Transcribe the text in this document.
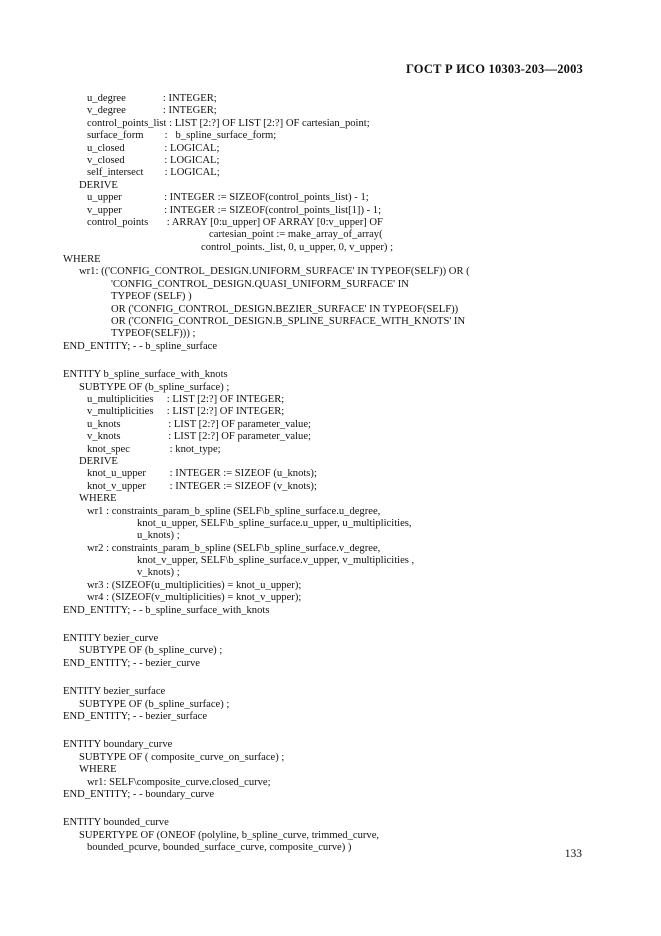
ГОСТ Р ИСО 10303-203—2003
u_degree              : INTEGER;
v_degree              : INTEGER;
control_points_list : LIST [2:?] OF LIST [2:?] OF cartesian_point;
surface_form        :   b_spline_surface_form;
u_closed               : LOGICAL;
v_closed               : LOGICAL;
self_intersect        : LOGICAL;
DERIVE
u_upper                : INTEGER := SIZEOF(control_points_list) - 1;
v_upper                : INTEGER := SIZEOF(control_points_list[1]) - 1;
control_points       : ARRAY [0:u_upper] OF ARRAY [0:v_upper] OF
cartesian_point := make_array_of_array(
control_points._list, 0, u_upper, 0, v_upper) ;
WHERE
wr1: (('CONFIG_CONTROL_DESIGN.UNIFORM_SURFACE' IN TYPEOF(SELF)) OR (
'CONFIG_CONTROL_DESIGN.QUASI_UNIFORM_SURFACE' IN
TYPEOF (SELF) )
OR ('CONFIG_CONTROL_DESIGN.BEZIER_SURFACE' IN TYPEOF(SELF))
OR ('CONFIG_CONTROL_DESIGN.B_SPLINE_SURFACE_WITH_KNOTS' IN
TYPEOF(SELF))) ;
END_ENTITY; - - b_spline_surface
ENTITY b_spline_surface_with_knots
SUBTYPE OF (b_spline_surface) ;
u_multiplicities     : LIST [2:?] OF INTEGER;
v_multiplicities     : LIST [2:?] OF INTEGER;
u_knots                  : LIST [2:?] OF parameter_value;
v_knots                  : LIST [2:?] OF parameter_value;
knot_spec               : knot_type;
DERIVE
knot_u_upper         : INTEGER := SIZEOF (u_knots);
knot_v_upper         : INTEGER := SIZEOF (v_knots);
WHERE
wr1 : constraints_param_b_spline (SELF\b_spline_surface.u_degree,
knot_u_upper, SELF\b_spline_surface.u_upper, u_multiplicities,
u_knots) ;
wr2 : constraints_param_b_spline (SELF\b_spline_surface.v_degree,
knot_v_upper, SELF\b_spline_surface.v_upper, v_multiplicities ,
v_knots) ;
wr3 : (SIZEOF(u_multiplicities) = knot_u_upper);
wr4 : (SIZEOF(v_multiplicities) = knot_v_upper);
END_ENTITY; - - b_spline_surface_with_knots
ENTITY bezier_curve
SUBTYPE OF (b_spline_curve) ;
END_ENTITY; - - bezier_curve
ENTITY bezier_surface
SUBTYPE OF (b_spline_surface) ;
END_ENTITY; - - bezier_surface
ENTITY boundary_curve
SUBTYPE OF ( composite_curve_on_surface) ;
WHERE
wr1: SELF\composite_curve.closed_curve;
END_ENTITY; - - boundary_curve
ENTITY bounded_curve
SUPERTYPE OF (ONEOF (polyline, b_spline_curve, trimmed_curve,
bounded_pcurve, bounded_surface_curve, composite_curve) )
133
